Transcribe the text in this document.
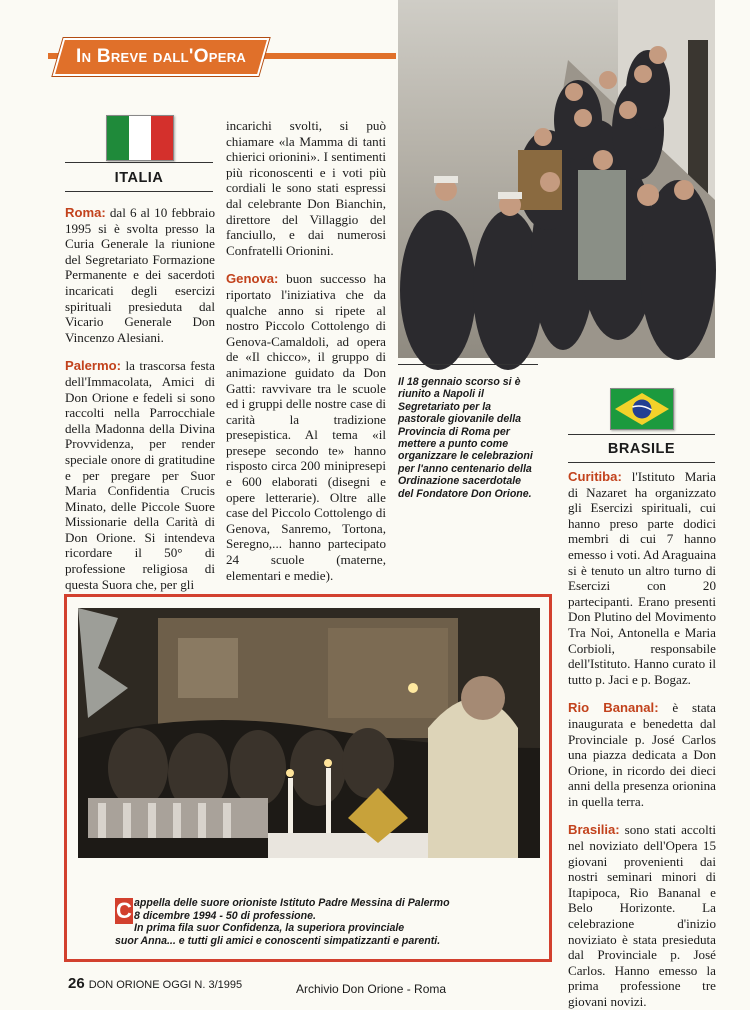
In Breve dall'Opera
ITALIA

Roma: dal 6 al 10 febbraio 1995 si è svolta presso la Curia Generale la riunione del Segretariato Formazione Permanente e dei sacerdoti incaricati degli esercizi spirituali presieduta dal Vicario Generale Don Vincenzo Alesiani.

Palermo: la trascorsa festa dell'Immacolata, Amici di Don Orione e fedeli si sono raccolti nella Parrocchiale della Madonna della Divina Provvidenza, per render speciale onore di gratitudine e per pregare per Suor Maria Confidentia Crucis Minato, delle Piccole Suore Missionarie della Carità di Don Orione. Si intendeva ricordare il 50° di professione religiosa di questa Suora che, per gli

incarichi svolti, si può chiamare «la Mamma di tanti chierici orionini». I sentimenti più riconoscenti e i voti più cordiali le sono stati espressi dal celebrante Don Bianchin, direttore del Villaggio del fanciullo, e dai numerosi Confratelli Orionini.

Genova: buon successo ha riportato l'iniziativa che da qualche anno si ripete al nostro Piccolo Cottolengo di Genova-Camaldoli, ad opera de «Il chicco», il gruppo di animazione guidato da Don Gatti: ravvivare tra le scuole ed i gruppi delle nostre case di carità la tradizione presepistica. Al tema «il presepe secondo te» hanno risposto circa 200 minipresepi e 600 elaborati (disegni e opere letterarie). Oltre alle case del Piccolo Cottolengo di Genova, Sanremo, Tortona, Seregno,... hanno partecipato 24 scuole (materne, elementari e medie).

Il 18 gennaio scorso si è riunito a Napoli il Segretariato per la pastorale giovanile della Provincia di Roma per mettere a punto come organizzare le celebrazioni per l'anno centenario della Ordinazione sacerdotale del Fondatore Don Orione.
BRASILE

Curitiba: l'Istituto Maria di Nazaret ha organizzato gli Esercizi spirituali, cui hanno preso parte dodici membri di cui 7 hanno emesso i voti. Ad Araguaina si è tenuto un altro turno di Esercizi con 20 partecipanti. Erano presenti Don Plutino del Movimento Tra Noi, Antonella e Maria Corbioli, responsabile dell'Istituto. Hanno curato il tutto p. Jaci e p. Bogaz.

Rio Bananal: è stata inaugurata e benedetta dal Provinciale p. José Carlos una piazza dedicata a Don Orione, in ricordo dei dieci anni della presenza orionina in quella terra.

Brasilia: sono stati accolti nel noviziato dell'Opera 15 giovani provenienti dai nostri seminari minori di Itapipoca, Rio Bananal e Belo Horizonte. La celebrazione d'inizio noviziato è stata presieduta dal Provinciale p. José Carlos. Hanno emesso la prima professione tre giovani novizi.

C appella delle suore orioniste Istituto Padre Messina di Palermo
8 dicembre 1994 - 50 di professione.
In prima fila suor Confidenza, la superiora provinciale
suor Anna... e tutti gli amici e conoscenti simpatizzanti e parenti.
26 DON ORIONE OGGI N. 3/1995	Archivio Don Orione - Roma
